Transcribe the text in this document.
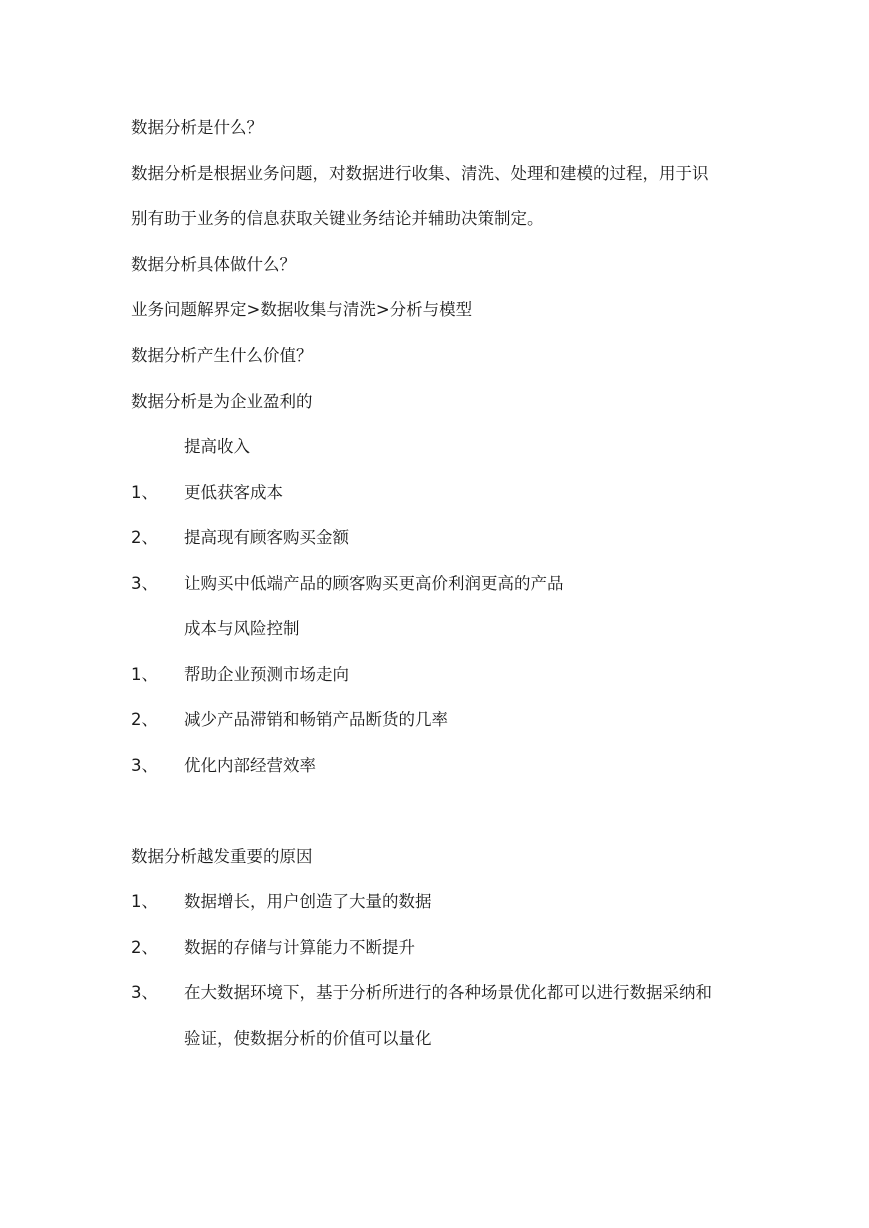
数据分析是什么？
数据分析是根据业务问题，对数据进行收集、清洗、处理和建模的过程，用于识
别有助于业务的信息获取关键业务结论并辅助决策制定。
数据分析具体做什么？
业务问题解界定>数据收集与清洗>分析与模型
数据分析产生什么价值？
数据分析是为企业盈利的
提高收入
1、 更低获客成本
2、 提高现有顾客购买金额
3、 让购买中低端产品的顾客购买更高价利润更高的产品
成本与风险控制
1、 帮助企业预测市场走向
2、 减少产品滞销和畅销产品断货的几率
3、 优化内部经营效率
数据分析越发重要的原因
1、 数据增长，用户创造了大量的数据
2、 数据的存储与计算能力不断提升
3、 在大数据环境下，基于分析所进行的各种场景优化都可以进行数据采纳和
验证，使数据分析的价值可以量化
